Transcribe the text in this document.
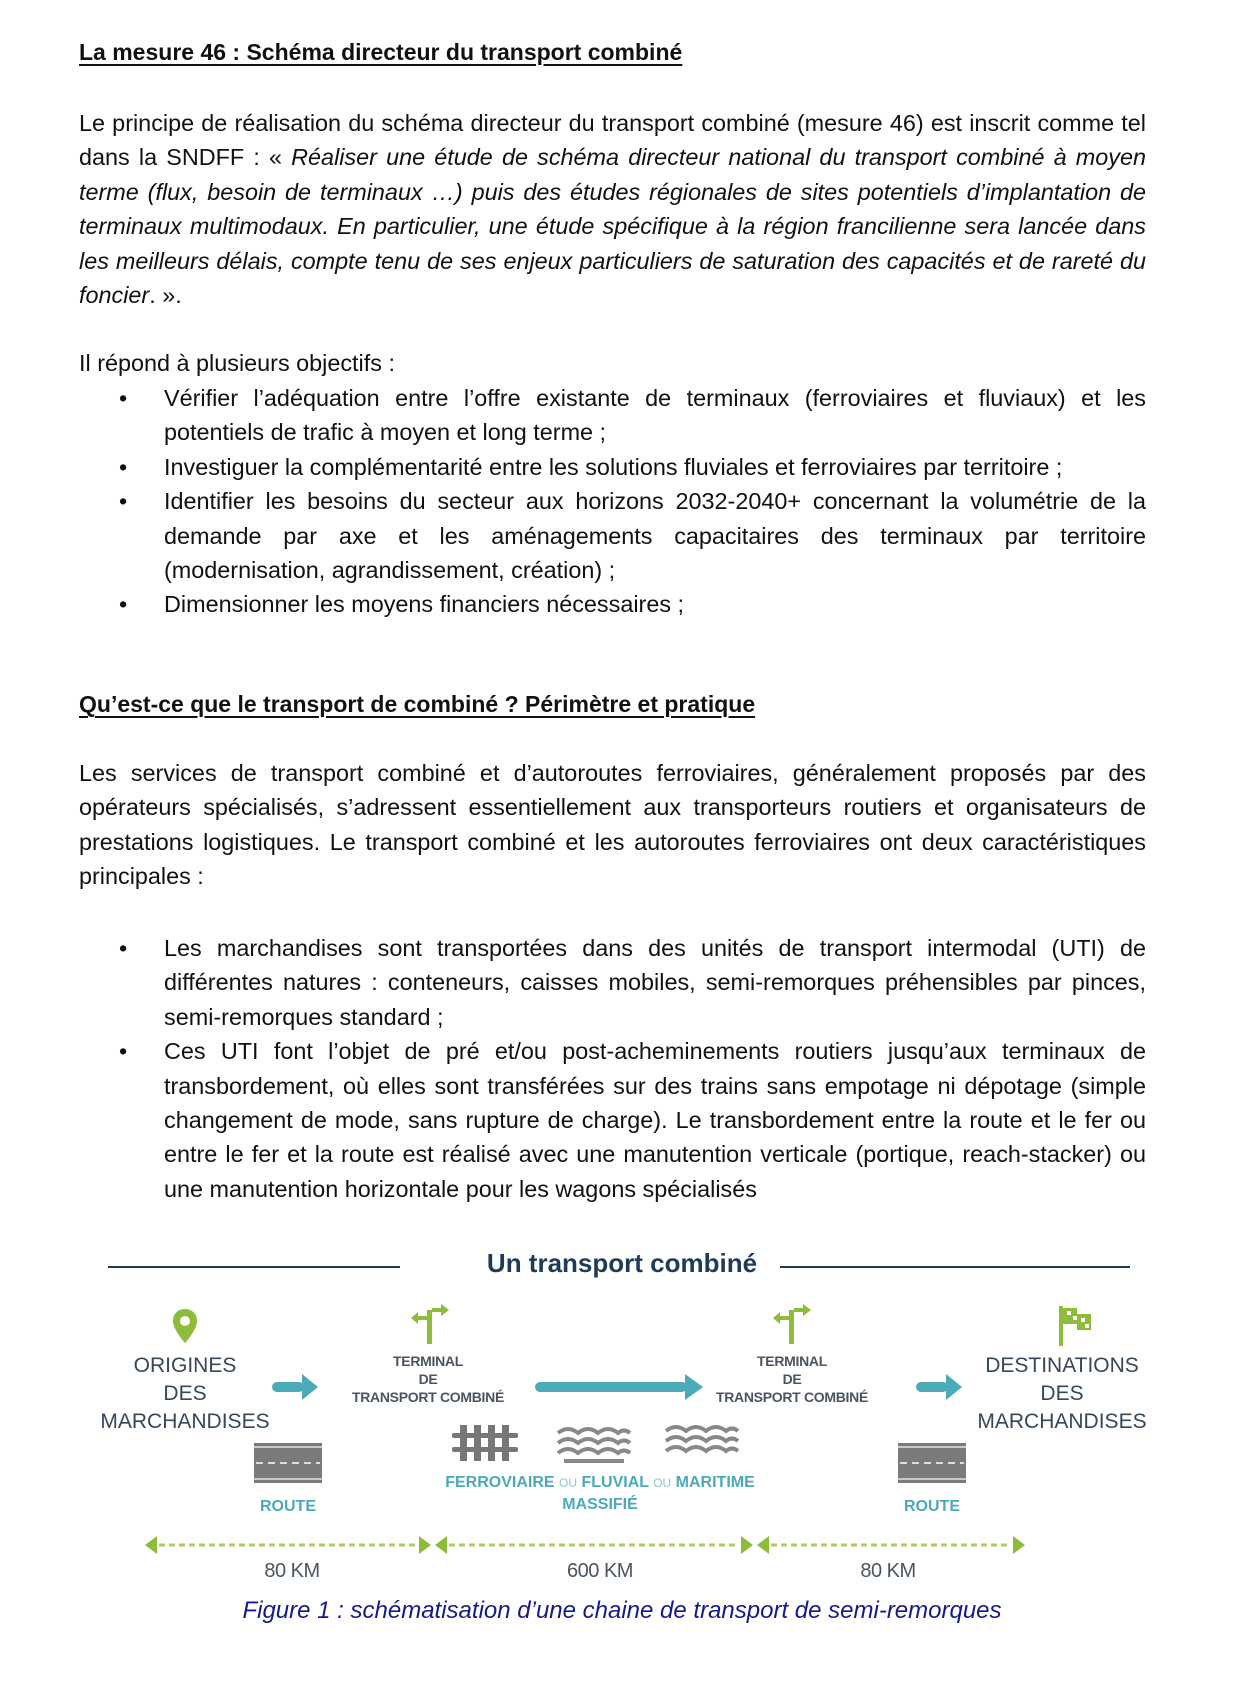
La mesure 46 : Schéma directeur du transport combiné
Le principe de réalisation du schéma directeur du transport combiné (mesure 46) est inscrit comme tel dans la SNDFF : « Réaliser une étude de schéma directeur national du transport combiné à moyen terme (flux, besoin de terminaux …) puis des études régionales de sites potentiels d’implantation de terminaux multimodaux. En particulier, une étude spécifique à la région francilienne sera lancée dans les meilleurs délais, compte tenu de ses enjeux particuliers de saturation des capacités et de rareté du foncier. ».
Il répond à plusieurs objectifs :
• Vérifier l’adéquation entre l’offre existante de terminaux (ferroviaires et fluviaux) et les potentiels de trafic à moyen et long terme ;
• Investiguer la complémentarité entre les solutions fluviales et ferroviaires par territoire ;
• Identifier les besoins du secteur aux horizons 2032-2040+ concernant la volumétrie de la demande par axe et les aménagements capacitaires des terminaux par territoire (modernisation, agrandissement, création) ;
• Dimensionner les moyens financiers nécessaires ;
Qu’est-ce que le transport de combiné ? Périmètre et pratique
Les services de transport combiné et d’autoroutes ferroviaires, généralement proposés par des opérateurs spécialisés, s’adressent essentiellement aux transporteurs routiers et organisateurs de prestations logistiques. Le transport combiné et les autoroutes ferroviaires ont deux caractéristiques principales :
• Les marchandises sont transportées dans des unités de transport intermodal (UTI) de différentes natures : conteneurs, caisses mobiles, semi-remorques préhensibles par pinces, semi-remorques standard ;
• Ces UTI font l’objet de pré et/ou post-acheminements routiers jusqu’aux terminaux de transbordement, où elles sont transférées sur des trains sans empotage ni dépotage (simple changement de mode, sans rupture de charge). Le transbordement entre la route et le fer ou entre le fer et la route est réalisé avec une manutention verticale (portique, reach-stacker) ou une manutention horizontale pour les wagons spécialisés
Un transport combiné
ORIGINES
DES
MARCHANDISES
TERMINAL
DE
TRANSPORT COMBINÉ
TERMINAL
DE
TRANSPORT COMBINÉ
DESTINATIONS
DES
MARCHANDISES
ROUTE
FERROVIAIRE OU FLUVIAL OU MARITIME
MASSIFIÉ	ROUTE
80 KM	600 KM	80 KM
Figure 1 : schématisation d’une chaine de transport de semi-remorques
